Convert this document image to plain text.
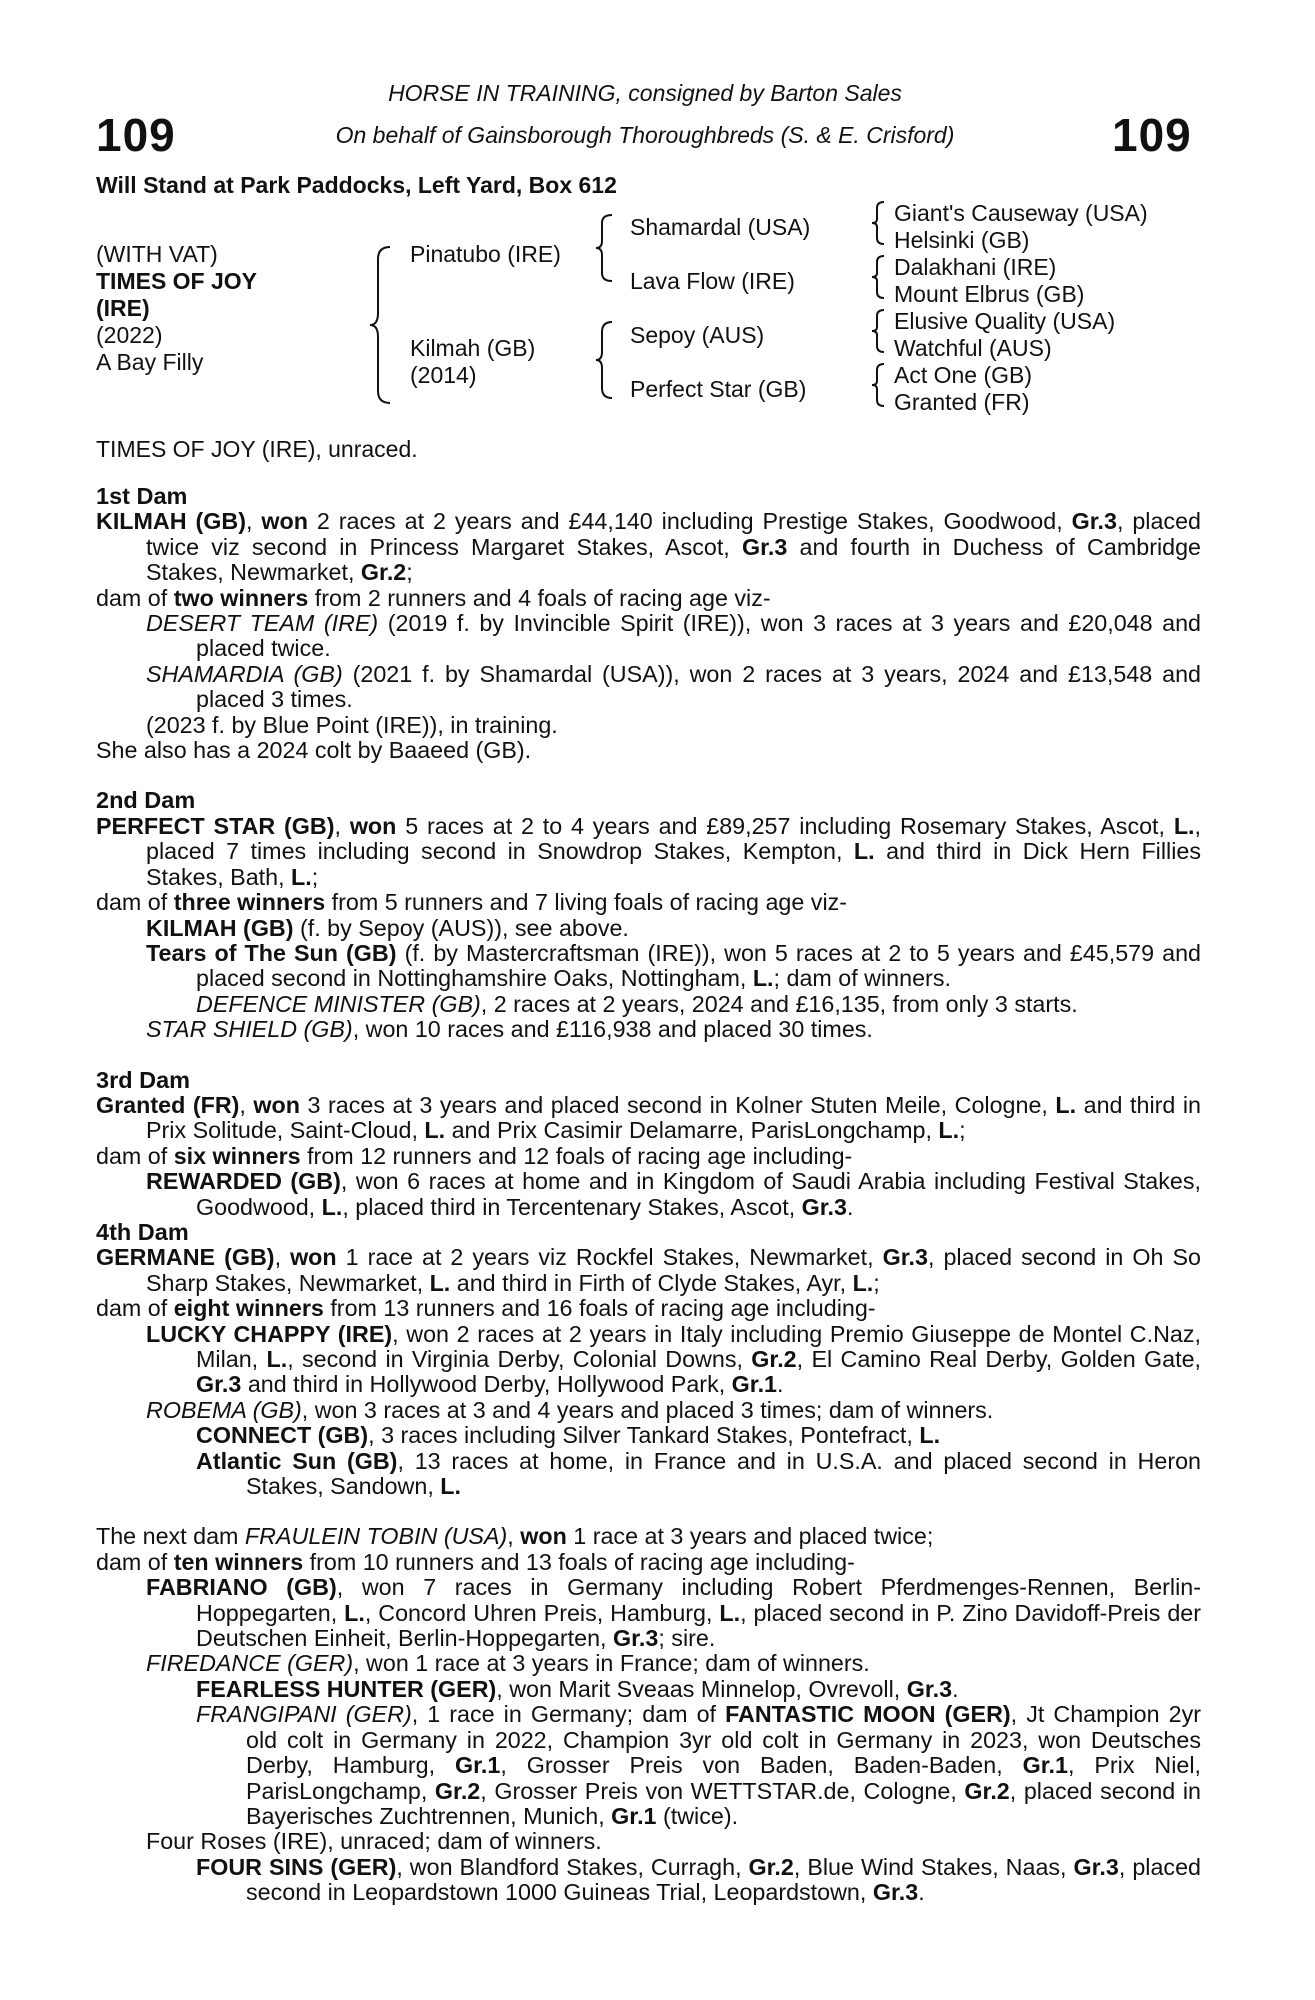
109	109
HORSE IN TRAINING, consigned by Barton Sales
On behalf of Gainsborough Thoroughbreds (S. & E. Crisford)
Will Stand at Park Paddocks, Left Yard, Box 612
(WITH VAT)
TIMES OF JOY
(IRE)
(2022)
A Bay Filly
Pinatubo (IRE)
Kilmah (GB)
(2014)
Shamardal (USA)
Lava Flow (IRE)
Sepoy (AUS)
Perfect Star (GB)
Giant's Causeway (USA)
Helsinki (GB)
Dalakhani (IRE)
Mount Elbrus (GB)
Elusive Quality (USA)
Watchful (AUS)
Act One (GB)
Granted (FR)
TIMES OF JOY (IRE), unraced.

1st Dam

KILMAH (GB), won 2 races at 2 years and £44,140 including Prestige Stakes, Goodwood, Gr.3, placed twice viz second in Princess Margaret Stakes, Ascot, Gr.3 and fourth in Duchess of Cambridge Stakes, Newmarket, Gr.2;

dam of two winners from 2 runners and 4 foals of racing age viz-

DESERT TEAM (IRE) (2019 f. by Invincible Spirit (IRE)), won 3 races at 3 years and £20,048 and placed twice.

SHAMARDIA (GB) (2021 f. by Shamardal (USA)), won 2 races at 3 years, 2024 and £13,548 and placed 3 times.

(2023 f. by Blue Point (IRE)), in training.

She also has a 2024 colt by Baaeed (GB).

2nd Dam

PERFECT STAR (GB), won 5 races at 2 to 4 years and £89,257 including Rosemary Stakes, Ascot, L., placed 7 times including second in Snowdrop Stakes, Kempton, L. and third in Dick Hern Fillies Stakes, Bath, L.;

dam of three winners from 5 runners and 7 living foals of racing age viz-

KILMAH (GB) (f. by Sepoy (AUS)), see above.

Tears of The Sun (GB) (f. by Mastercraftsman (IRE)), won 5 races at 2 to 5 years and £45,579 and placed second in Nottinghamshire Oaks, Nottingham, L.; dam of winners.

DEFENCE MINISTER (GB), 2 races at 2 years, 2024 and £16,135, from only 3 starts.

STAR SHIELD (GB), won 10 races and £116,938 and placed 30 times.

3rd Dam

Granted (FR), won 3 races at 3 years and placed second in Kolner Stuten Meile, Cologne, L. and third in Prix Solitude, Saint-Cloud, L. and Prix Casimir Delamarre, ParisLongchamp, L.;

dam of six winners from 12 runners and 12 foals of racing age including-

REWARDED (GB), won 6 races at home and in Kingdom of Saudi Arabia including Festival Stakes, Goodwood, L., placed third in Tercentenary Stakes, Ascot, Gr.3.

4th Dam

GERMANE (GB), won 1 race at 2 years viz Rockfel Stakes, Newmarket, Gr.3, placed second in Oh So Sharp Stakes, Newmarket, L. and third in Firth of Clyde Stakes, Ayr, L.;

dam of eight winners from 13 runners and 16 foals of racing age including-

LUCKY CHAPPY (IRE), won 2 races at 2 years in Italy including Premio Giuseppe de Montel C.Naz, Milan, L., second in Virginia Derby, Colonial Downs, Gr.2, El Camino Real Derby, Golden Gate, Gr.3 and third in Hollywood Derby, Hollywood Park, Gr.1.

ROBEMA (GB), won 3 races at 3 and 4 years and placed 3 times; dam of winners.

CONNECT (GB), 3 races including Silver Tankard Stakes, Pontefract, L.

Atlantic Sun (GB), 13 races at home, in France and in U.S.A. and placed second in Heron Stakes, Sandown, L.

The next dam FRAULEIN TOBIN (USA), won 1 race at 3 years and placed twice;

dam of ten winners from 10 runners and 13 foals of racing age including-

FABRIANO (GB), won 7 races in Germany including Robert Pferdmenges-Rennen, Berlin-Hoppegarten, L., Concord Uhren Preis, Hamburg, L., placed second in P. Zino Davidoff-Preis der Deutschen Einheit, Berlin-Hoppegarten, Gr.3; sire.

FIREDANCE (GER), won 1 race at 3 years in France; dam of winners.

FEARLESS HUNTER (GER), won Marit Sveaas Minnelop, Ovrevoll, Gr.3.

FRANGIPANI (GER), 1 race in Germany; dam of FANTASTIC MOON (GER), Jt Champion 2yr old colt in Germany in 2022, Champion 3yr old colt in Germany in 2023, won Deutsches Derby, Hamburg, Gr.1, Grosser Preis von Baden, Baden-Baden, Gr.1, Prix Niel, ParisLongchamp, Gr.2, Grosser Preis von WETTSTAR.de, Cologne, Gr.2, placed second in Bayerisches Zuchtrennen, Munich, Gr.1 (twice).

Four Roses (IRE), unraced; dam of winners.

FOUR SINS (GER), won Blandford Stakes, Curragh, Gr.2, Blue Wind Stakes, Naas, Gr.3, placed second in Leopardstown 1000 Guineas Trial, Leopardstown, Gr.3.
